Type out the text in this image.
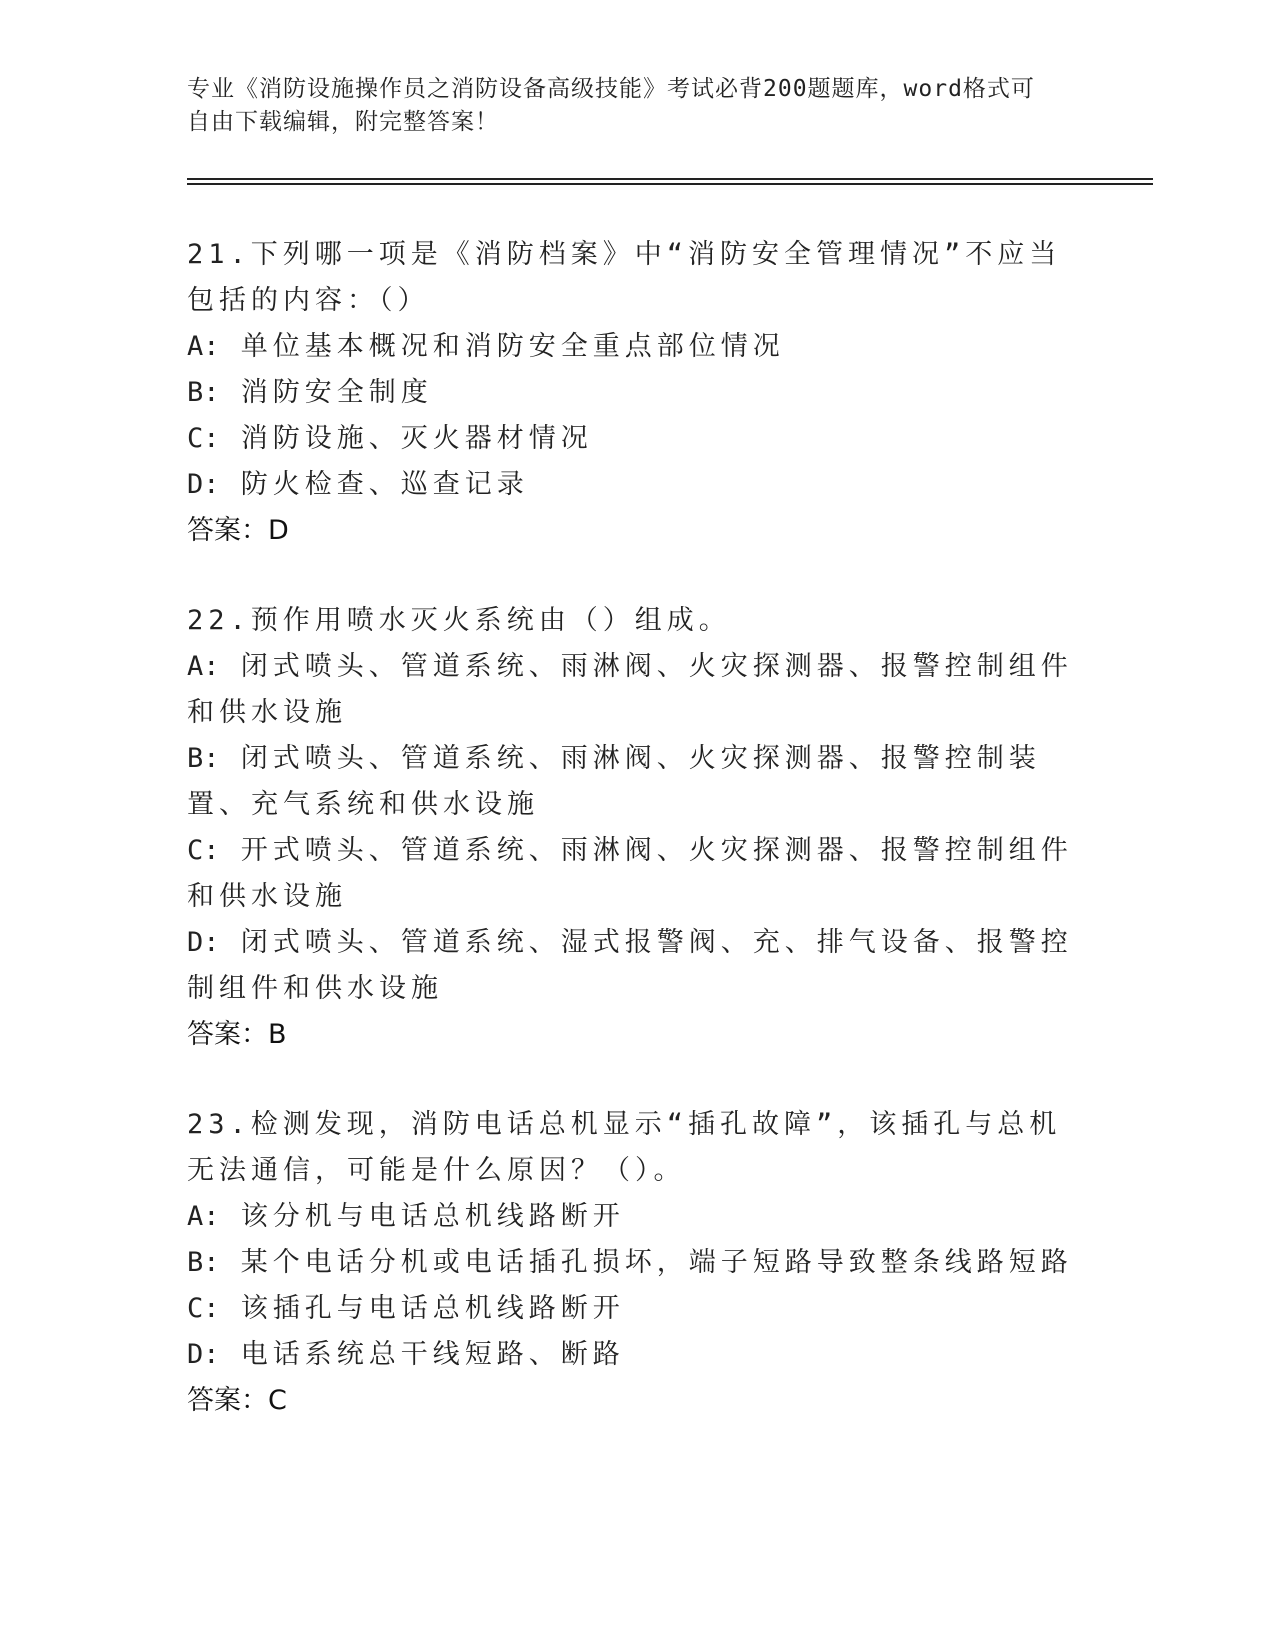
专业《消防设施操作员之消防设备高级技能》考试必背200题题库，word格式可
自由下载编辑，附完整答案！
21.下列哪一项是《消防档案》中“消防安全管理情况”不应当包括的内容：（）
A: 单位基本概况和消防安全重点部位情况
B: 消防安全制度
C: 消防设施、灭火器材情况
D: 防火检查、巡查记录
答案：D
22.预作用喷水灭火系统由（）组成。
A: 闭式喷头、管道系统、雨淋阀、火灾探测器、报警控制组件和供水设施
B: 闭式喷头、管道系统、雨淋阀、火灾探测器、报警控制装置、充气系统和供水设施
C: 开式喷头、管道系统、雨淋阀、火灾探测器、报警控制组件和供水设施
D: 闭式喷头、管道系统、湿式报警阀、充、排气设备、报警控制组件和供水设施
答案：B
23.检测发现，消防电话总机显示“插孔故障”，该插孔与总机无法通信，可能是什么原因？（）。
A: 该分机与电话总机线路断开
B: 某个电话分机或电话插孔损坏，端子短路导致整条线路短路
C: 该插孔与电话总机线路断开
D: 电话系统总干线短路、断路
答案：C
